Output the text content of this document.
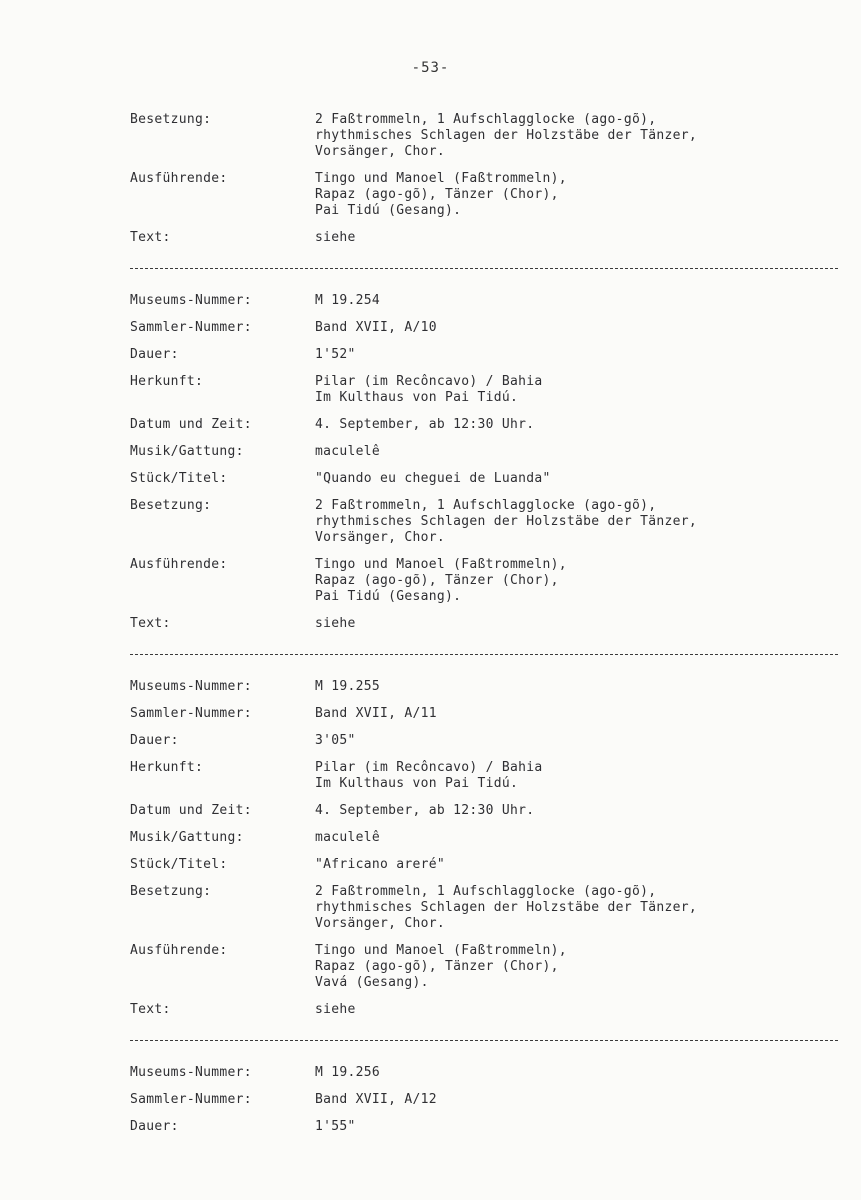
-53-
Besetzung:	2 Faßtrommeln, 1 Aufschlagglocke (ago-gõ),
rhythmisches Schlagen der Holzstäbe der Tänzer,
Vorsänger, Chor.
Ausführende:	Tingo und Manoel (Faßtrommeln),
Rapaz (ago-gõ), Tänzer (Chor),
Pai Tidú (Gesang).
Text:	siehe
Museums-Nummer:	M 19.254
Sammler-Nummer:	Band XVII, A/10
Dauer:	1'52"
Herkunft:	Pilar (im Recôncavo) / Bahia
Im Kulthaus von Pai Tidú.
Datum und Zeit:	4. September, ab 12:30 Uhr.
Musik/Gattung:	maculelê
Stück/Titel:	"Quando eu cheguei de Luanda"
Besetzung:	2 Faßtrommeln, 1 Aufschlagglocke (ago-gõ),
rhythmisches Schlagen der Holzstäbe der Tänzer,
Vorsänger, Chor.
Ausführende:	Tingo und Manoel (Faßtrommeln),
Rapaz (ago-gõ), Tänzer (Chor),
Pai Tidú (Gesang).
Text:	siehe
Museums-Nummer:	M 19.255
Sammler-Nummer:	Band XVII, A/11
Dauer:	3'05"
Herkunft:	Pilar (im Recôncavo) / Bahia
Im Kulthaus von Pai Tidú.
Datum und Zeit:	4. September, ab 12:30 Uhr.
Musik/Gattung:	maculelê
Stück/Titel:	"Africano areré"
Besetzung:	2 Faßtrommeln, 1 Aufschlagglocke (ago-gõ),
rhythmisches Schlagen der Holzstäbe der Tänzer,
Vorsänger, Chor.
Ausführende:	Tingo und Manoel (Faßtrommeln),
Rapaz (ago-gõ), Tänzer (Chor),
Vavá (Gesang).
Text:	siehe
Museums-Nummer:	M 19.256
Sammler-Nummer:	Band XVII, A/12
Dauer:	1'55"
